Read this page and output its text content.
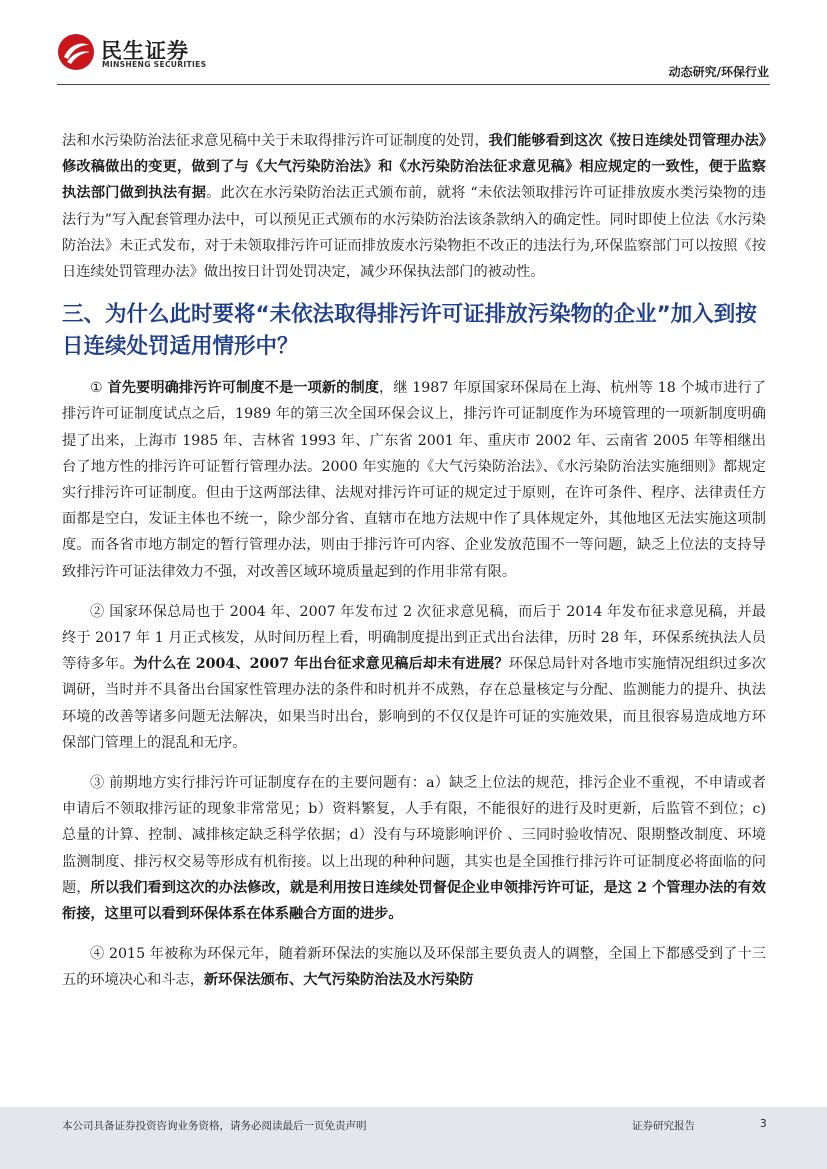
民生证券
MINSHENG SECURITIES
动态研究/环保行业

法和水污染防治法征求意见稿中关于未取得排污许可证制度的处罚，我们能够看到这次《按日连续处罚管理办法》修改稿做出的变更，做到了与《大气污染防治法》和《水污染防治法征求意见稿》相应规定的一致性，便于监察执法部门做到执法有据。此次在水污染防治法正式颁布前，就将 “未依法领取排污许可证排放废水类污染物的违法行为”写入配套管理办法中，可以预见正式颁布的水污染防治法该条款纳入的确定性。同时即使上位法《水污染防治法》未正式发布，对于未领取排污许可证而排放废水污染物拒不改正的违法行为,环保监察部门可以按照《按日连续处罚管理办法》做出按日计罚处罚决定，减少环保执法部门的被动性。

三、为什么此时要将“未依法取得排污许可证排放污染物的企业”加入到按日连续处罚适用情形中？

① 首先要明确排污许可制度不是一项新的制度，继 1987 年原国家环保局在上海、杭州等 18 个城市进行了排污许可证制度试点之后，1989 年的第三次全国环保会议上，排污许可证制度作为环境管理的一项新制度明确提了出来，上海市 1985 年、吉林省 1993 年、广东省 2001 年、重庆市 2002 年、云南省 2005 年等相继出台了地方性的排污许可证暂行管理办法。2000 年实施的《大气污染防治法》、《水污染防治法实施细则》都规定实行排污许可证制度。但由于这两部法律、法规对排污许可证的规定过于原则，在许可条件、程序、法律责任方面都是空白，发证主体也不统一，除少部分省、直辖市在地方法规中作了具体规定外，其他地区无法实施这项制度。而各省市地方制定的暂行管理办法，则由于排污许可内容、企业发放范围不一等问题，缺乏上位法的支持导致排污许可证法律效力不强，对改善区域环境质量起到的作用非常有限。

② 国家环保总局也于 2004 年、2007 年发布过 2 次征求意见稿，而后于 2014 年发布征求意见稿，并最终于 2017 年 1 月正式核发，从时间历程上看，明确制度提出到正式出台法律，历时 28 年，环保系统执法人员等待多年。为什么在 2004、2007 年出台征求意见稿后却未有进展？环保总局针对各地市实施情况组织过多次调研，当时并不具备出台国家性管理办法的条件和时机并不成熟，存在总量核定与分配、监测能力的提升、执法环境的改善等诸多问题无法解决，如果当时出台，影响到的不仅仅是许可证的实施效果，而且很容易造成地方环保部门管理上的混乱和无序。

③ 前期地方实行排污许可证制度存在的主要问题有：a）缺乏上位法的规范，排污企业不重视，不申请或者申请后不领取排污证的现象非常常见；b）资料繁复，人手有限，不能很好的进行及时更新，后监管不到位；c) 总量的计算、控制、减排核定缺乏科学依据；d）没有与环境影响评价 、三同时验收情况、限期整改制度、环境监测制度、排污权交易等形成有机衔接。以上出现的种种问题，其实也是全国推行排污许可证制度必将面临的问题，所以我们看到这次的办法修改，就是利用按日连续处罚督促企业申领排污许可证，是这 2 个管理办法的有效衔接，这里可以看到环保体系在体系融合方面的进步。

④ 2015 年被称为环保元年，随着新环保法的实施以及环保部主要负责人的调整，全国上下都感受到了十三五的环境决心和斗志，新环保法颁布、大气污染防治法及水污染防

本公司具备证券投资咨询业务资格，请务必阅读最后一页免责声明	证券研究报告	3
